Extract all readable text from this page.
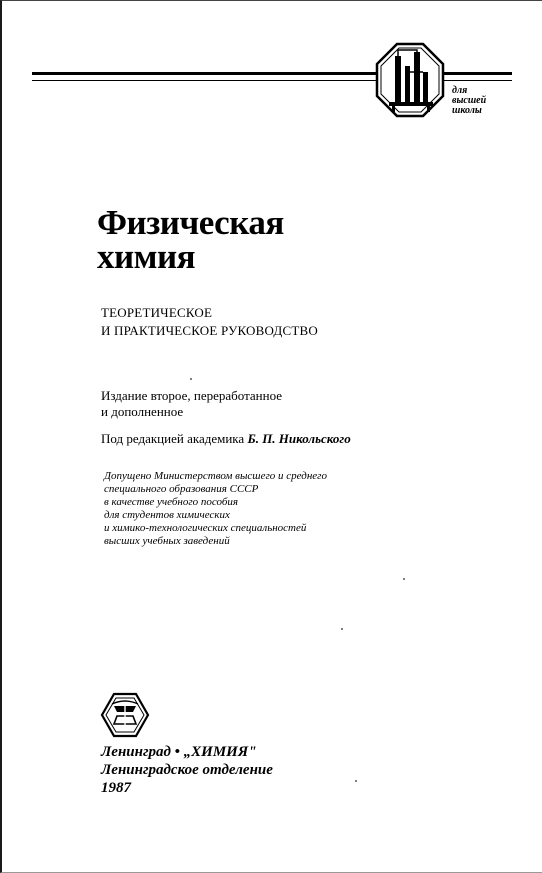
для
высшей
школы
Физическая
химия
ТЕОРЕТИЧЕСКОЕ
И ПРАКТИЧЕСКОЕ РУКОВОДСТВО
Издание второе, переработанное
и дополненное
Под редакцией академика Б. П. Никольского
Допущено Министерством высшего и среднего
специального образования СССР
в качестве учебного пособия
для студентов химических
и химико-технологических специальностей
высших учебных заведений
Ленинград • „ХИМИЯ"
Ленинградское отделение
1987
